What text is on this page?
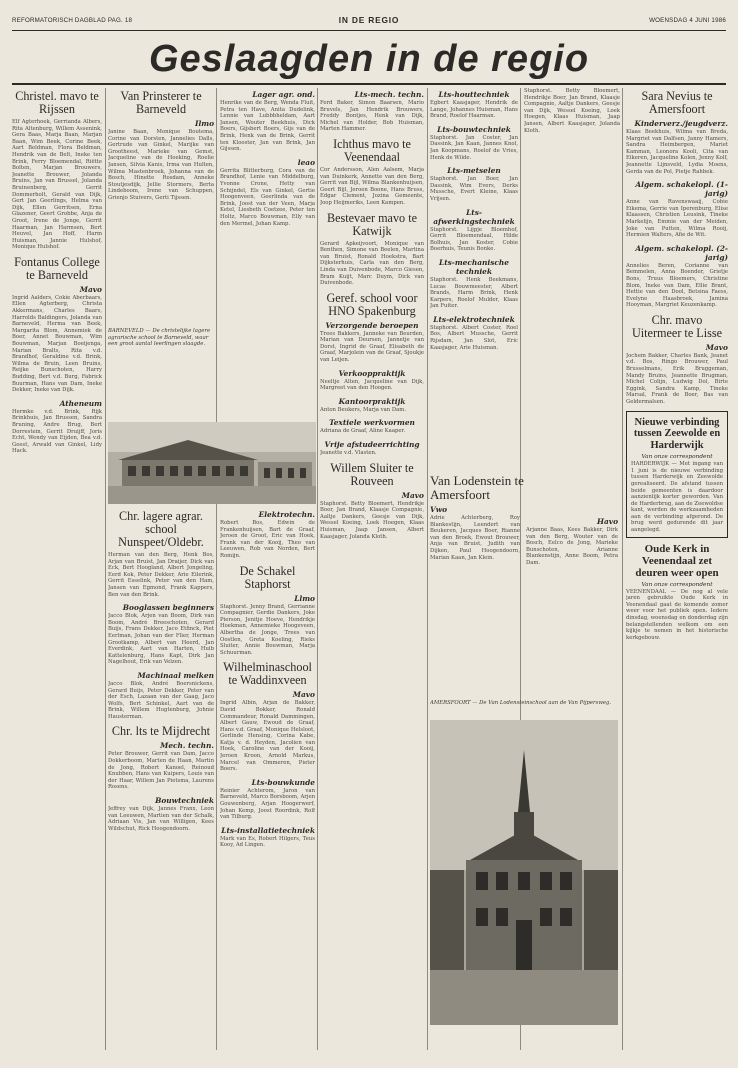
REFORMATORISCH DAGBLAD PAG. 18	IN DE REGIO	WOENSDAG 4 JUNI 1986
Geslaagden in de regio
Christel. mavo te Rijssen
Elf Agterhoek, Gerrianda Albers, Rita Altenburg, Willem Assenink, Gera Baas, Marja Baan, Marjan Baan, Wim Beek, Corine Beek, Aart Beldman, Flora Beldman, Hendrik van de Belt, Ineke ten Brink, Ferry Bloemendal, Riëtte Bolten, Marjan Brouwers, Jeanette Brouwer, Jolanda Bruins, Jan van Brussel, Jolanda Bruinenberg, Gerrit Dommerholt, Gerald van Dijk, Gert Jan Geerlings, Helma van Dijk, Ellen Gerritsen, Erna Glazener, Geert Grobbe, Anja de Groot, Irene de Jonge, Gerrit Haarman, Jan Harmsen, Bert Heuvel, Jan Hoff, Harm Huisman, Jannie Hulshof, Monique Hulshof.
Fontanus College te Barneveld
Mavo
Ingrid Aalders, Cokie Aberbaars, Ellen Agterberg, Christa Akkermans, Charles Baars, Harrolds Baldingers, Jolanda van Barneveld, Herma van Beek, Margarita Blom, Annemiek de Boer, Annet Bouwman, Wim Bouwman, Marjan Boeijenga, Marian Bralts, Rita v.d. Brandhof, Geraldine v.d. Brink, Wilma de Bruin, Leen Bruins, Reijke Bunschoten, Harry Budding, Bert v.d. Burg, Fabrick Buurman, Hans van Dam, Ineke Dekker, Ineke van Dijk.
Atheneum
Hermke v.d. Brink, Rijk Brinkhuis, Jan Brussen, Sandra Bruning, Andre Brug, Bert Dorrestein, Gerrit Druijff, Joris Echt, Wendy van Eijden, Bea v.d. Geest, Arwald van Ginkel, Lidy Hack.
Van Prinsterer te Barneveld
Ilmo
Janine Baan, Monique Boutema, Corine van Dorsten, Jannelies Dalls, Gertrude van Ginkel, Marijke van Grootheest, Marieke van Gemst, Jacqueline van de Hoeking, Roelie Jansen, Silvia Kanis, Irma van Hulten, Wilma Mastenbroek, Johanna van de Bosch, Hinette Rosdam, Anneke Stoutjesdijk, Jellie Stormers, Berta Lindeboom, Irene van Schuppen, Grienjo Stuivers, Gerti Tijssen.
BARNEVELD — De christelijke lagere agrarische school te Barneveld, waar een groot aantal leerlingen slaagde.
Lager agr. ond.
Henrike van de Berg, Wenda Fluit, Petra ten Have, Anita Dudelink, Lennie van Lubbbheldam, Aart Jansen, Wouter Beekhuis, Dick Boers, Gijsbert Boers, Gijs van de Brink, Henk van de Brink, Gerrit ten Klooster, Jan van Brink, Jan Gijssen.
leao
Gerrita Blitterburg, Cora van de Brandhof, Lenie van Middelburg, Yvonne Crone, Hetty van Schijndel, Els van Ginkel, Gertie Hoogenveen, Geerlinda van de Brink, Joost van der Veen, Marja Ketel, Liesbeth Coetzee, Peter ten Holtz, Marco Bouwman, Elly van den Mermel, Johan Kamp.
Chr. lagere agrar. school Nunspeet/Oldebr.
Herman van den Berg, Henk Bos, Arjan van Bruist, Jan Draijer, Dick van Eck, Bert Hoogland, Albert Jongeling, Eerd Kok, Peter Dekker, Arie Eilerink, Gerrit Esselink, Peter van den Ham, Jansen van Egmond, Frank Kappers, Ben van den Brink.
Booglassen beginners
Jacco Blok, Arjen van Boom, Dirk van Boom, André Breeschoten, Gerard Buijs, Frans Dekker, Jaco Etfinck, Piet Eerlman, Johan van der Flier, Herman Grootkamp, Albert van Heerd, Jan Everdink, Aart van Harten, Huib Kattelenburg, Hans Kapt, Dirk Jan Nagelhout, Erik van Velzen.
Machinaal melken
Jacco Blok, André Boersnickens, Gerard Buijs, Peter Dekker, Peter van der Esch, Lazaan van der Gaag, Jaco Wolfs, Bert Schinkel, Aart van de Brink, Willem Hugtenburg, Johnie Hausterman.
Chr. lts te Mijdrecht
Mech. techn.
Peter Brouwer, Gerrit van Dam, Jacco Dokkerboom, Marten de Haan, Martin de Jong, Robert Kanoel, Reinoud Knubben, Hans van Kuipers, Louis van der Haar, Willem Jan Pietsma, Laurens Rosens.
Bouwtechniek
Jeffrey van Dijk, Jannes Franx, Leon van Leeuwen, Martien van der Schalk, Adriaan Vis, Jan van Willigen, Kees Wildschut, Rick Hoogendoorn.
Elektrotechn.
Robert Bos, Edwin de Frankenhuijsen, Bart de Graaf, Jeroen de Groot, Eric van Hoek, Frank van der Kooij, Theo van Leeuwen, Rob van Norden, Bert Romijn.
De Schakel Staphorst
Llmo
Staphorst. Jenny Brand, Gerrianne Compagnier, Gerdie Dankers, Joke Pierson, Jenitje Hoeve, Hendrikje Hoekman, Annemieke Hoogeveen, Albertha de Jonge, Trees van Oostlen, Greta Koeling, Rieks Sluiter, Annie Bouwman, Marja Schuurman.
Wilhelminaschool te Waddinxveen
Mavo
Ingrid Albin, Arjan de Bakker, David Bokker, Ronald Commandeur, Ronald Dammingen, Albert Gauw, Ewoud de Graaf, Hans v.d. Graaf, Monique Helsloot, Gerlinde Hensing, Corina Kabe, Katja v. d. Heyden, Jacolien van Hoek, Caroline van der Kooij, Jeroen Kroon, Arnold Markus, Marcel van Ommeren, Pieter Boers.
Lts-bouwkunde
Reinier Achterom, Jaron van Barneveld, Marco Borsboom, Arjen Gouwenberg, Arjan Hoogerwerf, Johan Kemp, Joost Roordink, Rolf van Tilburg.
Lts-installatietechniek
Mark van Es, Robert Hilgers, Teus Kooy, Ad Lingen.
Lts-mech. techn.
Ferd Baker, Simon Baarsen, Mario Bruvels, Jan Hendrik Brouwers, Freddy Bontjes, Henk van Dijk, Michel van Holder, Bob Huisman, Marten Hammer.
Ichthus mavo te Veenendaal
Cor Andersson, Alen Aalsem, Marja van Duinkerk, Annette van den Berg, Gerrit van Bijl, Wilma Blankenhuijsen, Geert Bijl, Jeroen Boone, Hans Bruss, Edgar Clement, Jozina Gemeente, Joop Heijmeriks, Leen Kampen.
Bestevaer mavo te Katwijk
Gerard Apkeijvoort, Monique van Benthen, Simone van Beelen, Martina van Bruist, Ronald Hoekstra, Bart Dijksterhuis, Carla van den Berg, Linda van Duivenbode, Marco Giesen, Bram Kuijt, Marc Duym, Dick van Duivenbode.
Geref. school voor HNO Spakenburg
Verzorgende beroepen
Trees Bakkers, Janneke van Beurden, Marian van Deursen, Jannetje van Dorst, Ingrid de Graaf, Elisabeth de Graaf, Marjolein van de Graaf, Sjoukje van Leijen.
Verkooppraktijk
Neeltje Alten, Jacqueline van Dijk, Margreet van den Hoogen.
Kantoorpraktijk
Anton Beukers, Marja van Dam.
Textiele werkvormen
Adriana de Graaf, Aline Kaaper.
Vrije afstudeerrichting
Jeanette v.d. Vlasten.
Willem Sluiter te Rouveen
Mavo
Staphorst. Betty Bloemert, Hendrikje Boer, Jan Brand, Klaasje Compagnie, Aaltje Dankers, Geesje van Dijk, Wessel Koeing, Loek Hoegen, Klaas Huisman, Jaap Jansen, Albert Kaasjager, Jolanda Kloth.
Lts-houttechniek
Egbert Kaasjager, Hendrik de Lange, Johannes Huisman, Hans Brand, Roelof Haarman.
Lts-bouwtechniek
Staphorst. Jan Coster, Jan Dassink, Jan Kaan, Jannes Knol, Jan Koopmans, Roelof de Vries, Henk de Wilde.
Lts-metselen
Staphorst. Jan Boer, Jan Dassink, Wim Evers, Derks Mussche, Evert Kleine, Klaas Vrijsen.
Lts-afwerkingstechniek
Staphorst. Lijpje Bloemhof, Gerrit Bloemendaal, Hilde Bolhuis, Jan Koster, Cobie Boerhuis, Teunis Bonke.
Lts-mechanische techniek
Staphorst. Henk Beekmans, Lucas Bouwmeester, Albert Brands, Harm Brink, Henk Karpers, Roelof Mulder, Klaas Jan Fuiter.
Lts-elektrotechniek
Staphorst. Albert Coster, Roel Bos, Albert Mussche, Gerrit Rijsdam, Jan Slot, Eric Kaasjager, Arie Huisman.
Van Lodenstein te Amersfoort
Vwo
Adrie Achterberg, Roy Blankestijn, Leendert van Beukeren, Jacques Boer, Rianne van den Broek, Ewout Brouwer, Anja van Bruist, Judith van Dijken, Paul Hoogendoorn, Marian Kaan, Jan Klein.
Havo
Arjanne Baas, Kees Bakker, Dirk van den Berg, Wouter van de Bosch, Eelco de Jong, Marieke Bunschoten, Arianne Blankenstijn, Anne Boom, Petra Dam.
Staphorst. Betty Bloemert, Hendrikje Boer, Jan Brand, Klaasje Compagnie, Aaltje Dankers, Geesje van Dijk, Wessel Koeing, Loek Hoegen, Klaas Huisman, Jaap Jansen, Albert Kaasjager, Jolanda Kloth.
AMERSFOORT — De Van Lodensteinschool aan de Van Pijpersweg.
Sara Nevius te Amersfoort
Kinderverz./jeugdverz.
Klaas Beekhuis, Wilma van Breda, Margriet van Dalfsen, Janny Hamers, Sandra Heimbergen, Mariet Kamman, Leonora Kooli, Cita van Eikeren, Jacqueline Kolen, Jenny Kolf, Jeannette Lijnsveld, Lydia Moens, Gerda van de Pol, Pietje Rahbek.
Algem. schakelopl. (1-jarig)
Anne van Ravenswaaij, Cobie Eikema, Gerrie van Iperenburg, Elise Klaassen, Christien Leusink, Tineke Markelijn, Emmie van der Meiden, Joke van Putten, Wilma Rooij, Hermien Walters, Afie de Wit.
Algem. schakelopl. (2-jarig)
Annelies Beren, Corianne van Bemmelen, Anna Boender, Grietje Bons, Truus Bloemers, Christine Blom, Ineke van Dam, Ellie Brant, Hettie van den Dool, Betsina Faess, Evelyne Haasbroek, Jamina Hooyman, Margriet Keuzenkamp.
Chr. mavo Uitermeer te Lisse
Mavo
Jochem Bakker, Charles Bank, Jeanet v.d. Bos, Ringo Brouwer, Paul Brusselmans, Erik Bruggeman, Mandy Bruins, Jeannette Brugman, Michel Colijn, Ludwig Dol, Birte Eggink, Sandra Kamp, Tineke Marsal, Frank de Boer, Bas van Geldermalsen.
Nieuwe verbinding tussen Zeewolde en Harderwijk
Van onze correspondent
HARDERWIJK — Met ingang van 1 juni is de nieuwe verbinding tussen Harderwijk en Zeewolde gerealiseerd. De afstand tussen beide gemeenten is daardoor aanzienlijk korter geworden. Van de Harderbrug, aan de Zeewoldse kant, werden de werkzaamheden aan de verbinding afgerond. De brug werd gedurende dit jaar aangelegd.
Oude Kerk in Veenendaal zet deuren weer open
Van onze correspondent
VEENENDAAL — De nog al vele jaren gebruikte Oude Kerk in Veenendaal gaat de komende zomer weer voor het publiek open. Iedere dinsdag, woensdag en donderdag zijn belangstellenden welkom om een kijkje te nemen in het historische kerkgebouw.
